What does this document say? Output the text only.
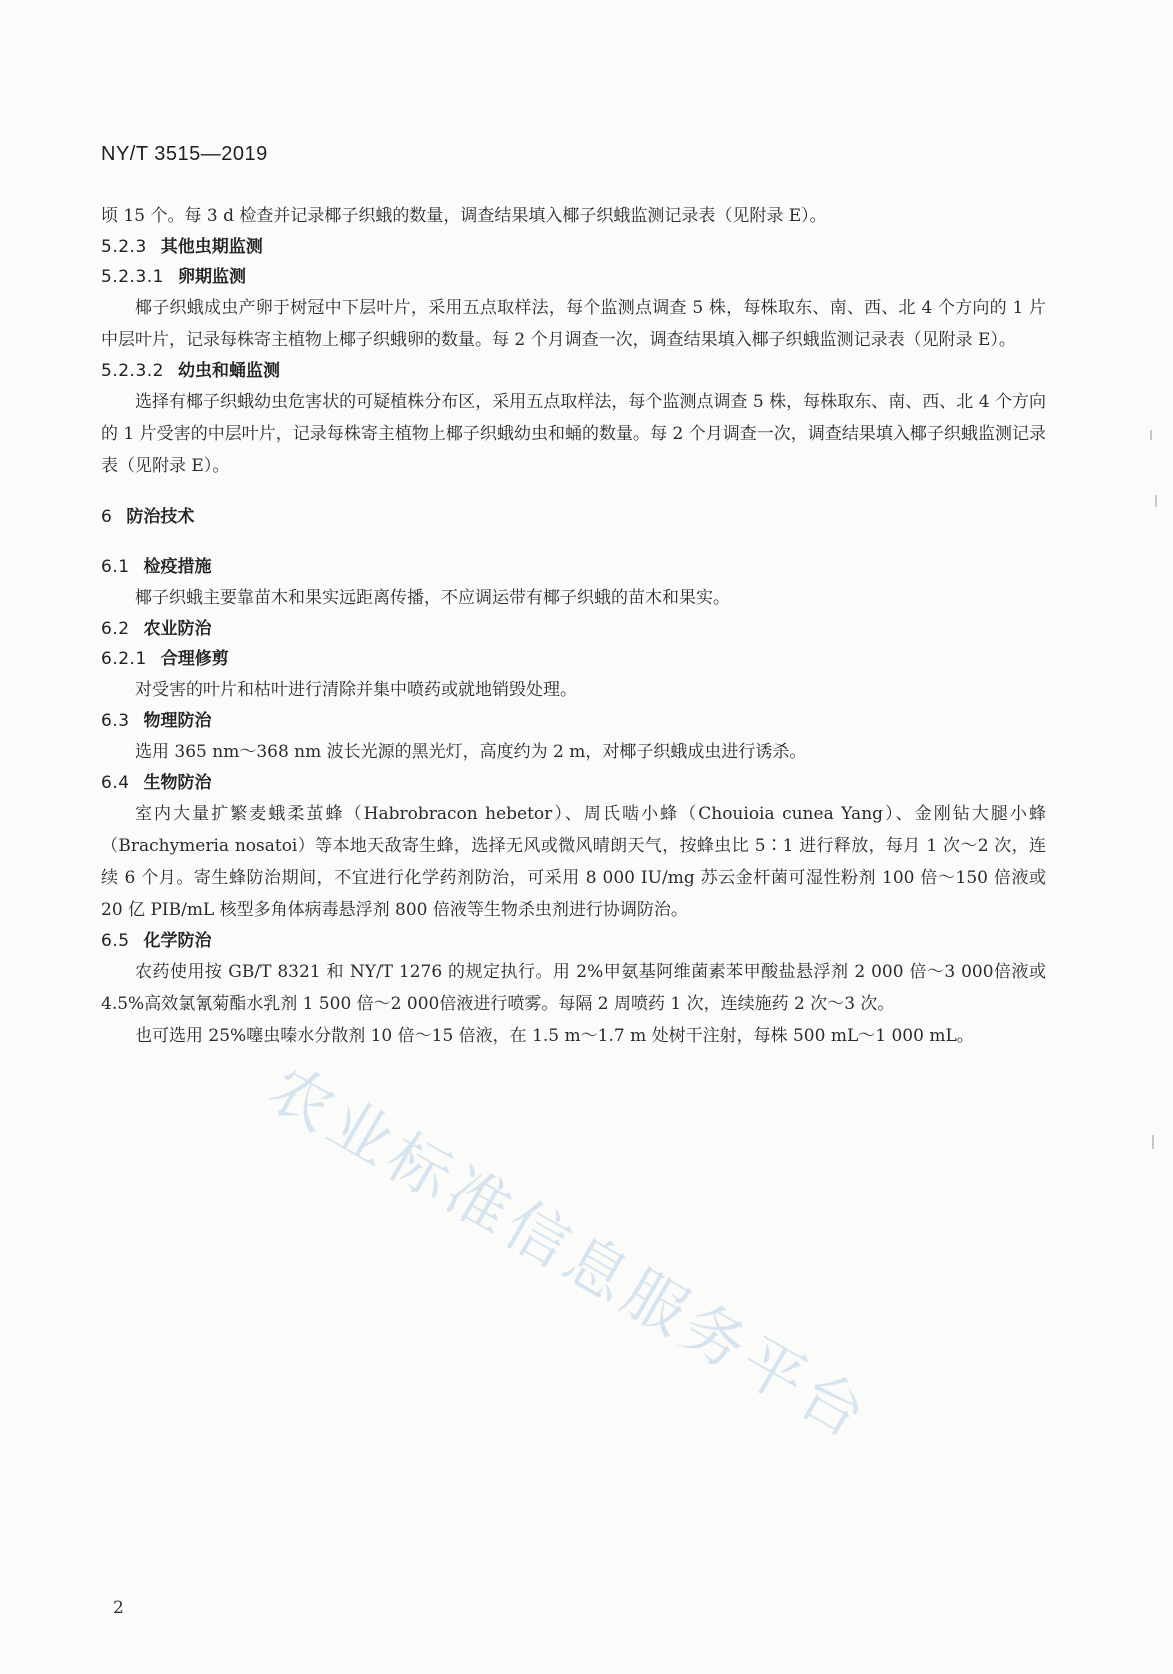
NY/T 3515—2019

顷 15 个。每 3 d 检查并记录椰子织蛾的数量，调查结果填入椰子织蛾监测记录表（见附录 E）。

5.2.3 其他虫期监测
5.2.3.1 卵期监测

椰子织蛾成虫产卵于树冠中下层叶片，采用五点取样法，每个监测点调查 5 株，每株取东、南、西、北 4 个方向的 1 片中层叶片，记录每株寄主植物上椰子织蛾卵的数量。每 2 个月调查一次，调查结果填入椰子织蛾监测记录表（见附录 E）。

5.2.3.2 幼虫和蛹监测

选择有椰子织蛾幼虫危害状的可疑植株分布区，采用五点取样法，每个监测点调查 5 株，每株取东、南、西、北 4 个方向的 1 片受害的中层叶片，记录每株寄主植物上椰子织蛾幼虫和蛹的数量。每 2 个月调查一次，调查结果填入椰子织蛾监测记录表（见附录 E）。

6 防治技术
6.1 检疫措施

椰子织蛾主要靠苗木和果实远距离传播，不应调运带有椰子织蛾的苗木和果实。

6.2 农业防治
6.2.1 合理修剪

对受害的叶片和枯叶进行清除并集中喷药或就地销毁处理。

6.3 物理防治

选用 365 nm～368 nm 波长光源的黑光灯，高度约为 2 m，对椰子织蛾成虫进行诱杀。

6.4 生物防治

室内大量扩繁麦蛾柔茧蜂（Habrobracon hebetor）、周氏啮小蜂（Chouioia cunea Yang）、金刚钻大腿小蜂（Brachymeria nosatoi）等本地天敌寄生蜂，选择无风或微风晴朗天气，按蜂虫比 5∶1 进行释放，每月 1 次～2 次，连续 6 个月。寄生蜂防治期间，不宜进行化学药剂防治，可采用 8 000 IU/mg 苏云金杆菌可湿性粉剂 100 倍～150 倍液或 20 亿 PIB/mL 核型多角体病毒悬浮剂 800 倍液等生物杀虫剂进行协调防治。

6.5 化学防治

农药使用按 GB/T 8321 和 NY/T 1276 的规定执行。用 2%甲氨基阿维菌素苯甲酸盐悬浮剂 2 000 倍～3 000倍液或 4.5%高效氯氰菊酯水乳剂 1 500 倍～2 000倍液进行喷雾。每隔 2 周喷药 1 次，连续施药 2 次～3 次。

也可选用 25%噻虫嗪水分散剂 10 倍～15 倍液，在 1.5 m～1.7 m 处树干注射，每株 500 mL～1 000 mL。

农业标准信息服务平台
2
